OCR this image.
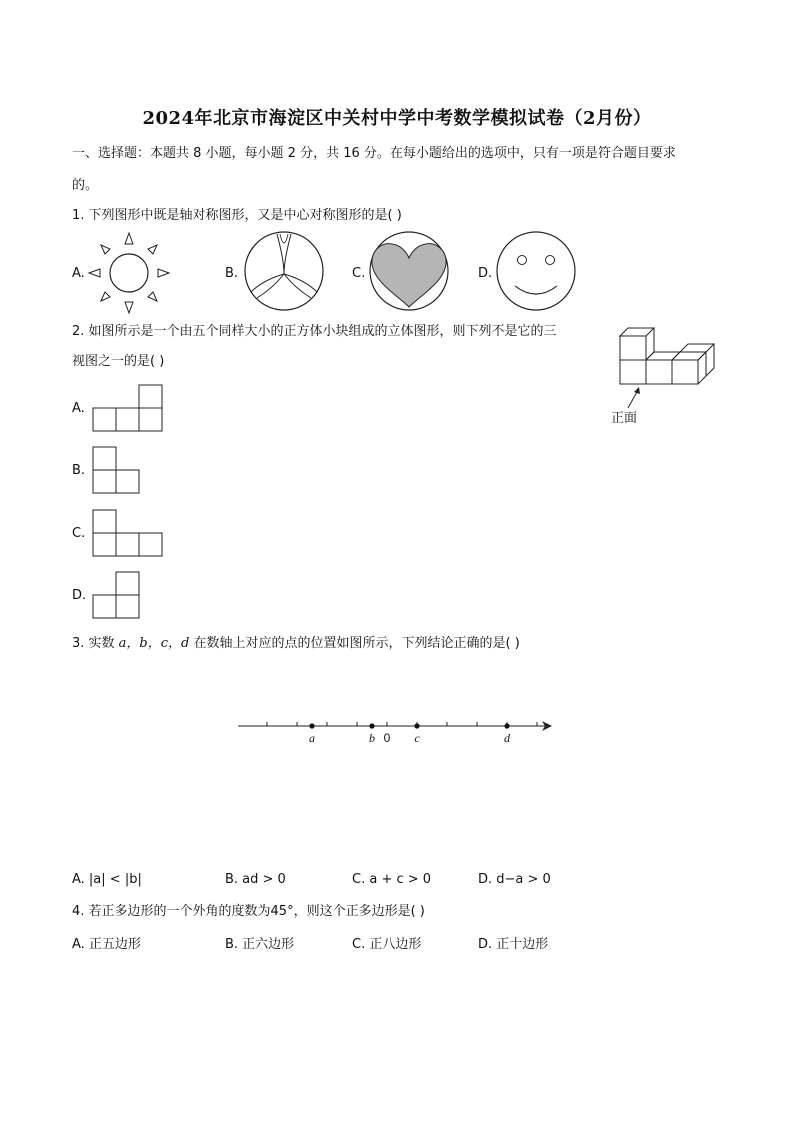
2024年北京市海淀区中关村中学中考数学模拟试卷（2月份）
一、选择题：本题共 8 小题，每小题 2 分，共 16 分。在每小题给出的选项中，只有一项是符合题目要求
的。
1. 下列图形中既是轴对称图形，又是中心对称图形的是( )
A.	B.	C.	D.
2. 如图所示是一个由五个同样大小的正方体小块组成的立体图形，则下列不是它的三
视图之一的是( )
正面
A.
B.
C.
D.
3. 实数 a，b，c，d 在数轴上对应的点的位置如图所示，下列结论正确的是( )
a	b 0 c	d
A. |a| < |b|	B. ad > 0	C. a + c > 0	D. d−a > 0
4. 若正多边形的一个外角的度数为45°，则这个正多边形是( )
A. 正五边形	B. 正六边形	C. 正八边形	D. 正十边形
